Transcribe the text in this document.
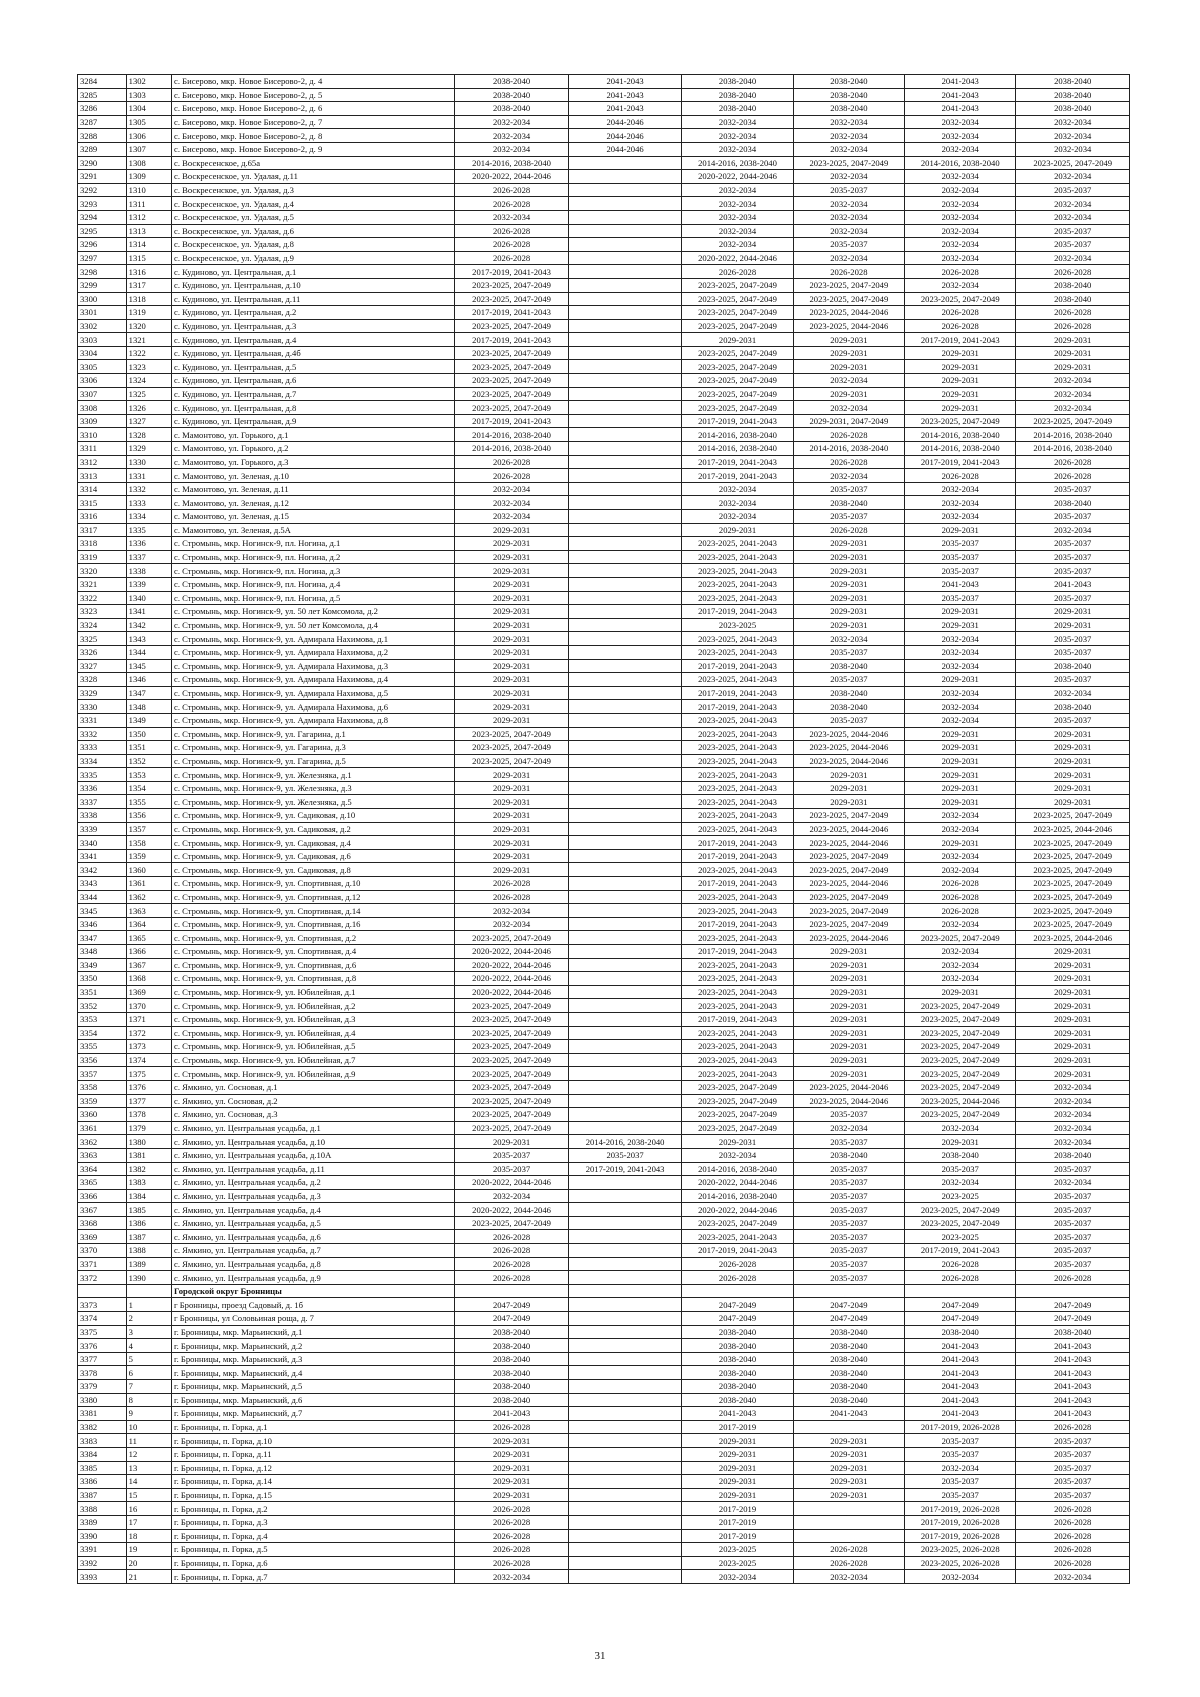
3284	1302	с. Бисерово, мкр. Новое Бисерово-2, д. 4	2038-2040	2041-2043	2038-2040	2038-2040	2041-2043	2038-2040
3285	1303	с. Бисерово, мкр. Новое Бисерово-2, д. 5	2038-2040	2041-2043	2038-2040	2038-2040	2041-2043	2038-2040
3286	1304	с. Бисерово, мкр. Новое Бисерово-2, д. 6	2038-2040	2041-2043	2038-2040	2038-2040	2041-2043	2038-2040
3287	1305	с. Бисерово, мкр. Новое Бисерово-2, д. 7	2032-2034	2044-2046	2032-2034	2032-2034	2032-2034	2032-2034
3288	1306	с. Бисерово, мкр. Новое Бисерово-2, д. 8	2032-2034	2044-2046	2032-2034	2032-2034	2032-2034	2032-2034
3289	1307	с. Бисерово, мкр. Новое Бисерово-2, д. 9	2032-2034	2044-2046	2032-2034	2032-2034	2032-2034	2032-2034
3290	1308	с. Воскресенское, д.65а	2014-2016, 2038-2040		2014-2016, 2038-2040	2023-2025, 2047-2049	2014-2016, 2038-2040	2023-2025, 2047-2049
3291	1309	с. Воскресенское, ул. Удалая, д.11	2020-2022, 2044-2046		2020-2022, 2044-2046	2032-2034	2032-2034	2032-2034
3292	1310	с. Воскресенское, ул. Удалая, д.3	2026-2028		2032-2034	2035-2037	2032-2034	2035-2037
3293	1311	с. Воскресенское, ул. Удалая, д.4	2026-2028		2032-2034	2032-2034	2032-2034	2032-2034
3294	1312	с. Воскресенское, ул. Удалая, д.5	2032-2034		2032-2034	2032-2034	2032-2034	2032-2034
3295	1313	с. Воскресенское, ул. Удалая, д.6	2026-2028		2032-2034	2032-2034	2032-2034	2035-2037
3296	1314	с. Воскресенское, ул. Удалая, д.8	2026-2028		2032-2034	2035-2037	2032-2034	2035-2037
3297	1315	с. Воскресенское, ул. Удалая, д.9	2026-2028		2020-2022, 2044-2046	2032-2034	2032-2034	2032-2034
3298	1316	с. Кудиново, ул. Центральная, д.1	2017-2019, 2041-2043		2026-2028	2026-2028	2026-2028	2026-2028
3299	1317	с. Кудиново, ул. Центральная, д.10	2023-2025, 2047-2049		2023-2025, 2047-2049	2023-2025, 2047-2049	2032-2034	2038-2040
3300	1318	с. Кудиново, ул. Центральная, д.11	2023-2025, 2047-2049		2023-2025, 2047-2049	2023-2025, 2047-2049	2023-2025, 2047-2049	2038-2040
3301	1319	с. Кудиново, ул. Центральная, д.2	2017-2019, 2041-2043		2023-2025, 2047-2049	2023-2025, 2044-2046	2026-2028	2026-2028
3302	1320	с. Кудиново, ул. Центральная, д.3	2023-2025, 2047-2049		2023-2025, 2047-2049	2023-2025, 2044-2046	2026-2028	2026-2028
3303	1321	с. Кудиново, ул. Центральная, д.4	2017-2019, 2041-2043		2029-2031	2029-2031	2017-2019, 2041-2043	2029-2031
3304	1322	с. Кудиново, ул. Центральная, д.4б	2023-2025, 2047-2049		2023-2025, 2047-2049	2029-2031	2029-2031	2029-2031
3305	1323	с. Кудиново, ул. Центральная, д.5	2023-2025, 2047-2049		2023-2025, 2047-2049	2029-2031	2029-2031	2029-2031
3306	1324	с. Кудиново, ул. Центральная, д.6	2023-2025, 2047-2049		2023-2025, 2047-2049	2032-2034	2029-2031	2032-2034
3307	1325	с. Кудиново, ул. Центральная, д.7	2023-2025, 2047-2049		2023-2025, 2047-2049	2029-2031	2029-2031	2032-2034
3308	1326	с. Кудиново, ул. Центральная, д.8	2023-2025, 2047-2049		2023-2025, 2047-2049	2032-2034	2029-2031	2032-2034
3309	1327	с. Кудиново, ул. Центральная, д.9	2017-2019, 2041-2043		2017-2019, 2041-2043	2029-2031, 2047-2049	2023-2025, 2047-2049	2023-2025, 2047-2049
3310	1328	с. Мамонтово, ул. Горького, д.1	2014-2016, 2038-2040		2014-2016, 2038-2040	2026-2028	2014-2016, 2038-2040	2014-2016, 2038-2040
3311	1329	с. Мамонтово, ул. Горького, д.2	2014-2016, 2038-2040		2014-2016, 2038-2040	2014-2016, 2038-2040	2014-2016, 2038-2040	2014-2016, 2038-2040
3312	1330	с. Мамонтово, ул. Горького, д.3	2026-2028		2017-2019, 2041-2043	2026-2028	2017-2019, 2041-2043	2026-2028
3313	1331	с. Мамонтово, ул. Зеленая, д.10	2026-2028		2017-2019, 2041-2043	2032-2034	2026-2028	2026-2028
3314	1332	с. Мамонтово, ул. Зеленая, д.11	2032-2034		2032-2034	2035-2037	2032-2034	2035-2037
3315	1333	с. Мамонтово, ул. Зеленая, д.12	2032-2034		2032-2034	2038-2040	2032-2034	2038-2040
3316	1334	с. Мамонтово, ул. Зеленая, д.15	2032-2034		2032-2034	2035-2037	2032-2034	2035-2037
3317	1335	с. Мамонтово, ул. Зеленая, д.5А	2029-2031		2029-2031	2026-2028	2029-2031	2032-2034
3318	1336	с. Стромынь, мкр. Ногинск-9, пл. Ногина, д.1	2029-2031		2023-2025, 2041-2043	2029-2031	2035-2037	2035-2037
3319	1337	с. Стромынь, мкр. Ногинск-9, пл. Ногина, д.2	2029-2031		2023-2025, 2041-2043	2029-2031	2035-2037	2035-2037
3320	1338	с. Стромынь, мкр. Ногинск-9, пл. Ногина, д.3	2029-2031		2023-2025, 2041-2043	2029-2031	2035-2037	2035-2037
3321	1339	с. Стромынь, мкр. Ногинск-9, пл. Ногина, д.4	2029-2031		2023-2025, 2041-2043	2029-2031	2041-2043	2041-2043
3322	1340	с. Стромынь, мкр. Ногинск-9, пл. Ногина, д.5	2029-2031		2023-2025, 2041-2043	2029-2031	2035-2037	2035-2037
3323	1341	с. Стромынь, мкр. Ногинск-9, ул. 50 лет Комсомола, д.2	2029-2031		2017-2019, 2041-2043	2029-2031	2029-2031	2029-2031
3324	1342	с. Стромынь, мкр. Ногинск-9, ул. 50 лет Комсомола, д.4	2029-2031		2023-2025	2029-2031	2029-2031	2029-2031
3325	1343	с. Стромынь, мкр. Ногинск-9, ул. Адмирала Нахимова, д.1	2029-2031		2023-2025, 2041-2043	2032-2034	2032-2034	2035-2037
3326	1344	с. Стромынь, мкр. Ногинск-9, ул. Адмирала Нахимова, д.2	2029-2031		2023-2025, 2041-2043	2035-2037	2032-2034	2035-2037
3327	1345	с. Стромынь, мкр. Ногинск-9, ул. Адмирала Нахимова, д.3	2029-2031		2017-2019, 2041-2043	2038-2040	2032-2034	2038-2040
3328	1346	с. Стромынь, мкр. Ногинск-9, ул. Адмирала Нахимова, д.4	2029-2031		2023-2025, 2041-2043	2035-2037	2029-2031	2035-2037
3329	1347	с. Стромынь, мкр. Ногинск-9, ул. Адмирала Нахимова, д.5	2029-2031		2017-2019, 2041-2043	2038-2040	2032-2034	2032-2034
3330	1348	с. Стромынь, мкр. Ногинск-9, ул. Адмирала Нахимова, д.6	2029-2031		2017-2019, 2041-2043	2038-2040	2032-2034	2038-2040
3331	1349	с. Стромынь, мкр. Ногинск-9, ул. Адмирала Нахимова, д.8	2029-2031		2023-2025, 2041-2043	2035-2037	2032-2034	2035-2037
3332	1350	с. Стромынь, мкр. Ногинск-9, ул. Гагарина, д.1	2023-2025, 2047-2049		2023-2025, 2041-2043	2023-2025, 2044-2046	2029-2031	2029-2031
3333	1351	с. Стромынь, мкр. Ногинск-9, ул. Гагарина, д.3	2023-2025, 2047-2049		2023-2025, 2041-2043	2023-2025, 2044-2046	2029-2031	2029-2031
3334	1352	с. Стромынь, мкр. Ногинск-9, ул. Гагарина, д.5	2023-2025, 2047-2049		2023-2025, 2041-2043	2023-2025, 2044-2046	2029-2031	2029-2031
3335	1353	с. Стромынь, мкр. Ногинск-9, ул. Железняка, д.1	2029-2031		2023-2025, 2041-2043	2029-2031	2029-2031	2029-2031
3336	1354	с. Стромынь, мкр. Ногинск-9, ул. Железняка, д.3	2029-2031		2023-2025, 2041-2043	2029-2031	2029-2031	2029-2031
3337	1355	с. Стромынь, мкр. Ногинск-9, ул. Железняка, д.5	2029-2031		2023-2025, 2041-2043	2029-2031	2029-2031	2029-2031
3338	1356	с. Стромынь, мкр. Ногинск-9, ул. Садиковая, д.10	2029-2031		2023-2025, 2041-2043	2023-2025, 2047-2049	2032-2034	2023-2025, 2047-2049
3339	1357	с. Стромынь, мкр. Ногинск-9, ул. Садиковая, д.2	2029-2031		2023-2025, 2041-2043	2023-2025, 2044-2046	2032-2034	2023-2025, 2044-2046
3340	1358	с. Стромынь, мкр. Ногинск-9, ул. Садиковая, д.4	2029-2031		2017-2019, 2041-2043	2023-2025, 2044-2046	2029-2031	2023-2025, 2047-2049
3341	1359	с. Стромынь, мкр. Ногинск-9, ул. Садиковая, д.6	2029-2031		2017-2019, 2041-2043	2023-2025, 2047-2049	2032-2034	2023-2025, 2047-2049
3342	1360	с. Стромынь, мкр. Ногинск-9, ул. Садиковая, д.8	2029-2031		2023-2025, 2041-2043	2023-2025, 2047-2049	2032-2034	2023-2025, 2047-2049
3343	1361	с. Стромынь, мкр. Ногинск-9, ул. Спортивная, д.10	2026-2028		2017-2019, 2041-2043	2023-2025, 2044-2046	2026-2028	2023-2025, 2047-2049
3344	1362	с. Стромынь, мкр. Ногинск-9, ул. Спортивная, д.12	2026-2028		2023-2025, 2041-2043	2023-2025, 2047-2049	2026-2028	2023-2025, 2047-2049
3345	1363	с. Стромынь, мкр. Ногинск-9, ул. Спортивная, д.14	2032-2034		2023-2025, 2041-2043	2023-2025, 2047-2049	2026-2028	2023-2025, 2047-2049
3346	1364	с. Стромынь, мкр. Ногинск-9, ул. Спортивная, д.16	2032-2034		2017-2019, 2041-2043	2023-2025, 2047-2049	2032-2034	2023-2025, 2047-2049
3347	1365	с. Стромынь, мкр. Ногинск-9, ул. Спортивная, д.2	2023-2025, 2047-2049		2023-2025, 2041-2043	2023-2025, 2044-2046	2023-2025, 2047-2049	2023-2025, 2044-2046
3348	1366	с. Стромынь, мкр. Ногинск-9, ул. Спортивная, д.4	2020-2022, 2044-2046		2017-2019, 2041-2043	2029-2031	2032-2034	2029-2031
3349	1367	с. Стромынь, мкр. Ногинск-9, ул. Спортивная, д.6	2020-2022, 2044-2046		2023-2025, 2041-2043	2029-2031	2032-2034	2029-2031
3350	1368	с. Стромынь, мкр. Ногинск-9, ул. Спортивная, д.8	2020-2022, 2044-2046		2023-2025, 2041-2043	2029-2031	2032-2034	2029-2031
3351	1369	с. Стромынь, мкр. Ногинск-9, ул. Юбилейная, д.1	2020-2022, 2044-2046		2023-2025, 2041-2043	2029-2031	2029-2031	2029-2031
3352	1370	с. Стромынь, мкр. Ногинск-9, ул. Юбилейная, д.2	2023-2025, 2047-2049		2023-2025, 2041-2043	2029-2031	2023-2025, 2047-2049	2029-2031
3353	1371	с. Стромынь, мкр. Ногинск-9, ул. Юбилейная, д.3	2023-2025, 2047-2049		2017-2019, 2041-2043	2029-2031	2023-2025, 2047-2049	2029-2031
3354	1372	с. Стромынь, мкр. Ногинск-9, ул. Юбилейная, д.4	2023-2025, 2047-2049		2023-2025, 2041-2043	2029-2031	2023-2025, 2047-2049	2029-2031
3355	1373	с. Стромынь, мкр. Ногинск-9, ул. Юбилейная, д.5	2023-2025, 2047-2049		2023-2025, 2041-2043	2029-2031	2023-2025, 2047-2049	2029-2031
3356	1374	с. Стромынь, мкр. Ногинск-9, ул. Юбилейная, д.7	2023-2025, 2047-2049		2023-2025, 2041-2043	2029-2031	2023-2025, 2047-2049	2029-2031
3357	1375	с. Стромынь, мкр. Ногинск-9, ул. Юбилейная, д.9	2023-2025, 2047-2049		2023-2025, 2041-2043	2029-2031	2023-2025, 2047-2049	2029-2031
3358	1376	с. Ямкино, ул. Сосновая, д.1	2023-2025, 2047-2049		2023-2025, 2047-2049	2023-2025, 2044-2046	2023-2025, 2047-2049	2032-2034
3359	1377	с. Ямкино, ул. Сосновая, д.2	2023-2025, 2047-2049		2023-2025, 2047-2049	2023-2025, 2044-2046	2023-2025, 2044-2046	2032-2034
3360	1378	с. Ямкино, ул. Сосновая, д.3	2023-2025, 2047-2049		2023-2025, 2047-2049	2035-2037	2023-2025, 2047-2049	2032-2034
3361	1379	с. Ямкино, ул. Центральная усадьба, д.1	2023-2025, 2047-2049		2023-2025, 2047-2049	2032-2034	2032-2034	2032-2034
3362	1380	с. Ямкино, ул. Центральная усадьба, д.10	2029-2031	2014-2016, 2038-2040	2029-2031	2035-2037	2029-2031	2032-2034
3363	1381	с. Ямкино, ул. Центральная усадьба, д.10А	2035-2037	2035-2037	2032-2034	2038-2040	2038-2040	2038-2040
3364	1382	с. Ямкино, ул. Центральная усадьба, д.11	2035-2037	2017-2019, 2041-2043	2014-2016, 2038-2040	2035-2037	2035-2037	2035-2037
3365	1383	с. Ямкино, ул. Центральная усадьба, д.2	2020-2022, 2044-2046		2020-2022, 2044-2046	2035-2037	2032-2034	2032-2034
3366	1384	с. Ямкино, ул. Центральная усадьба, д.3	2032-2034		2014-2016, 2038-2040	2035-2037	2023-2025	2035-2037
3367	1385	с. Ямкино, ул. Центральная усадьба, д.4	2020-2022, 2044-2046		2020-2022, 2044-2046	2035-2037	2023-2025, 2047-2049	2035-2037
3368	1386	с. Ямкино, ул. Центральная усадьба, д.5	2023-2025, 2047-2049		2023-2025, 2047-2049	2035-2037	2023-2025, 2047-2049	2035-2037
3369	1387	с. Ямкино, ул. Центральная усадьба, д.6	2026-2028		2023-2025, 2041-2043	2035-2037	2023-2025	2035-2037
3370	1388	с. Ямкино, ул. Центральная усадьба, д.7	2026-2028		2017-2019, 2041-2043	2035-2037	2017-2019, 2041-2043	2035-2037
3371	1389	с. Ямкино, ул. Центральная усадьба, д.8	2026-2028		2026-2028	2035-2037	2026-2028	2035-2037
3372	1390	с. Ямкино, ул. Центральная усадьба, д.9	2026-2028		2026-2028	2035-2037	2026-2028	2026-2028
		Городской округ Бронницы						
3373	1	г Бронницы, проезд Садовый, д. 1б	2047-2049		2047-2049	2047-2049	2047-2049	2047-2049
3374	2	г Бронницы, ул Соловьиная роща, д. 7	2047-2049		2047-2049	2047-2049	2047-2049	2047-2049
3375	3	г. Бронницы, мкр. Марьинский, д.1	2038-2040		2038-2040	2038-2040	2038-2040	2038-2040
3376	4	г. Бронницы, мкр. Марьинский, д.2	2038-2040		2038-2040	2038-2040	2041-2043	2041-2043
3377	5	г. Бронницы, мкр. Марьинский, д.3	2038-2040		2038-2040	2038-2040	2041-2043	2041-2043
3378	6	г. Бронницы, мкр. Марьинский, д.4	2038-2040		2038-2040	2038-2040	2041-2043	2041-2043
3379	7	г. Бронницы, мкр. Марьинский, д.5	2038-2040		2038-2040	2038-2040	2041-2043	2041-2043
3380	8	г. Бронницы, мкр. Марьинский, д.6	2038-2040		2038-2040	2038-2040	2041-2043	2041-2043
3381	9	г. Бронницы, мкр. Марьинский, д.7	2041-2043		2041-2043	2041-2043	2041-2043	2041-2043
3382	10	г. Бронницы, п. Горка, д.1	2026-2028		2017-2019		2017-2019, 2026-2028	2026-2028
3383	11	г. Бронницы, п. Горка, д.10	2029-2031		2029-2031	2029-2031	2035-2037	2035-2037
3384	12	г. Бронницы, п. Горка, д.11	2029-2031		2029-2031	2029-2031	2035-2037	2035-2037
3385	13	г. Бронницы, п. Горка, д.12	2029-2031		2029-2031	2029-2031	2032-2034	2035-2037
3386	14	г. Бронницы, п. Горка, д.14	2029-2031		2029-2031	2029-2031	2035-2037	2035-2037
3387	15	г. Бронницы, п. Горка, д.15	2029-2031		2029-2031	2029-2031	2035-2037	2035-2037
3388	16	г. Бронницы, п. Горка, д.2	2026-2028		2017-2019		2017-2019, 2026-2028	2026-2028
3389	17	г. Бронницы, п. Горка, д.3	2026-2028		2017-2019		2017-2019, 2026-2028	2026-2028
3390	18	г. Бронницы, п. Горка, д.4	2026-2028		2017-2019		2017-2019, 2026-2028	2026-2028
3391	19	г. Бронницы, п. Горка, д.5	2026-2028		2023-2025	2026-2028	2023-2025, 2026-2028	2026-2028
3392	20	г. Бронницы, п. Горка, д.6	2026-2028		2023-2025	2026-2028	2023-2025, 2026-2028	2026-2028
3393	21	г. Бронницы, п. Горка, д.7	2032-2034		2032-2034	2032-2034	2032-2034	2032-2034
31
